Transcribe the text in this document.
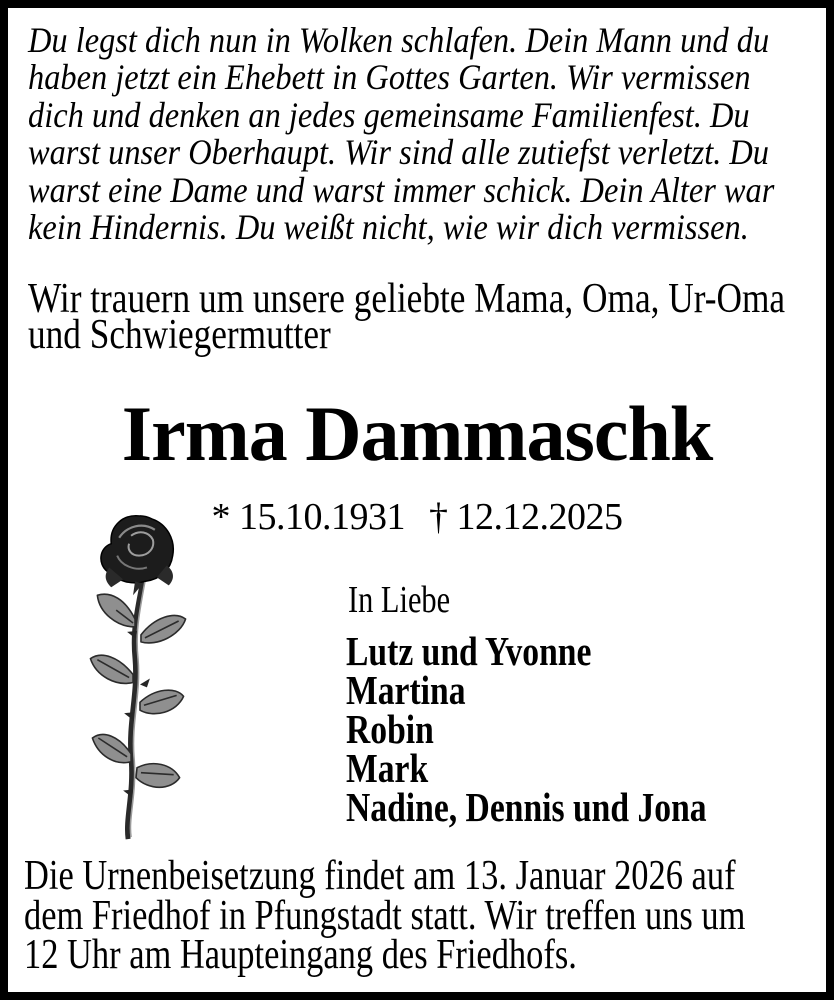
Du legst dich nun in Wolken schlafen. Dein Mann und du
haben jetzt ein Ehebett in Gottes Garten. Wir vermissen
dich und denken an jedes gemeinsame Familienfest. Du
warst unser Oberhaupt. Wir sind alle zutiefst verletzt. Du
warst eine Dame und warst immer schick. Dein Alter war
kein Hindernis. Du weißt nicht, wie wir dich vermissen.
Wir trauern um unsere geliebte Mama, Oma, Ur-Oma
und Schwiegermutter
Irma Dammaschk
* 15.10.1931 † 12.12.2025
In Liebe
Lutz und Yvonne
Martina
Robin
Mark
Nadine, Dennis und Jona
Die Urnenbeisetzung findet am 13. Januar 2026 auf
dem Friedhof in Pfungstadt statt. Wir treffen uns um
12 Uhr am Haupteingang des Friedhofs.
